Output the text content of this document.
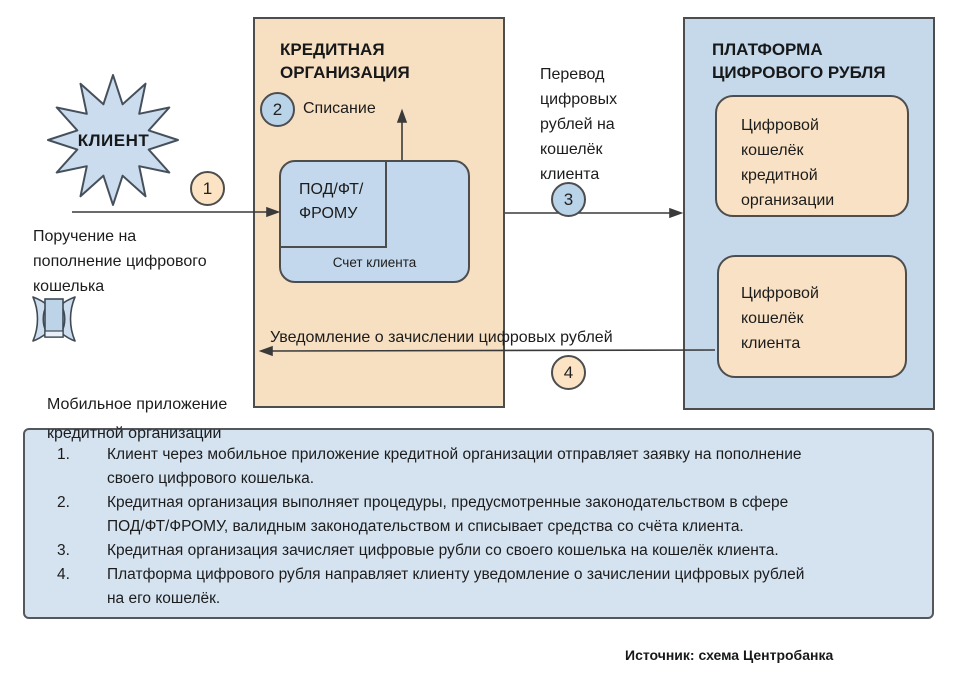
КРЕДИТНАЯ
ОРГАНИЗАЦИЯ
ПОД/ФТ/
ФРОМУ
Счет клиента
ПЛАТФОРМА
ЦИФРОВОГО РУБЛЯ
Цифровой
кошелёк
кредитной
организации
Цифровой
кошелёк
клиента
КЛИЕНТ
1
2
3
4
Списание
Поручение на
пополнение цифрового
кошелька
Перевод
цифровых
рублей на
кошелёк
клиента
Уведомление о зачислении цифровых рублей
Мобильное приложение
кредитной организации
1.	Клиент через мобильное приложение кредитной организации отправляет заявку на пополнение
своего цифрового кошелька.
2.	Кредитная организация выполняет процедуры, предусмотренные законодательством в сфере
ПОД/ФТ/ФРОМУ, валидным законодательством и списывает средства со счёта клиента.
3.	Кредитная организация зачисляет цифровые рубли со своего кошелька на кошелёк клиента.
4.	Платформа цифрового рубля направляет клиенту уведомление о зачислении цифровых рублей
на его кошелёк.
Источник: схема Центробанка
